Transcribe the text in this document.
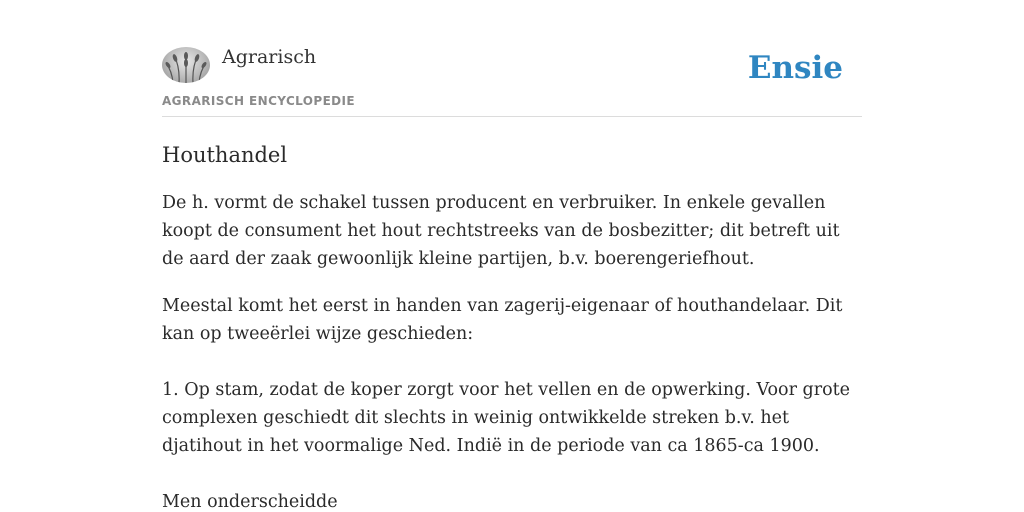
Agrarisch
AGRARISCH ENCYCLOPEDIE
Ensie
Houthandel

De h. vormt de schakel tussen producent en verbruiker. In enkele gevallen koopt de consument het hout rechtstreeks van de bosbezitter; dit betreft uit de aard der zaak gewoonlijk kleine partijen, b.v. boerengeriefhout.

Meestal komt het eerst in handen van zagerij-eigenaar of houthandelaar. Dit kan op tweeërlei wijze geschieden:

1. Op stam, zodat de koper zorgt voor het vellen en de opwerking. Voor grote complexen geschiedt dit slechts in weinig ontwikkelde streken b.v. het djatihout in het voormalige Ned. Indië in de periode van ca 1865-ca 1900.

Men onderscheidde
